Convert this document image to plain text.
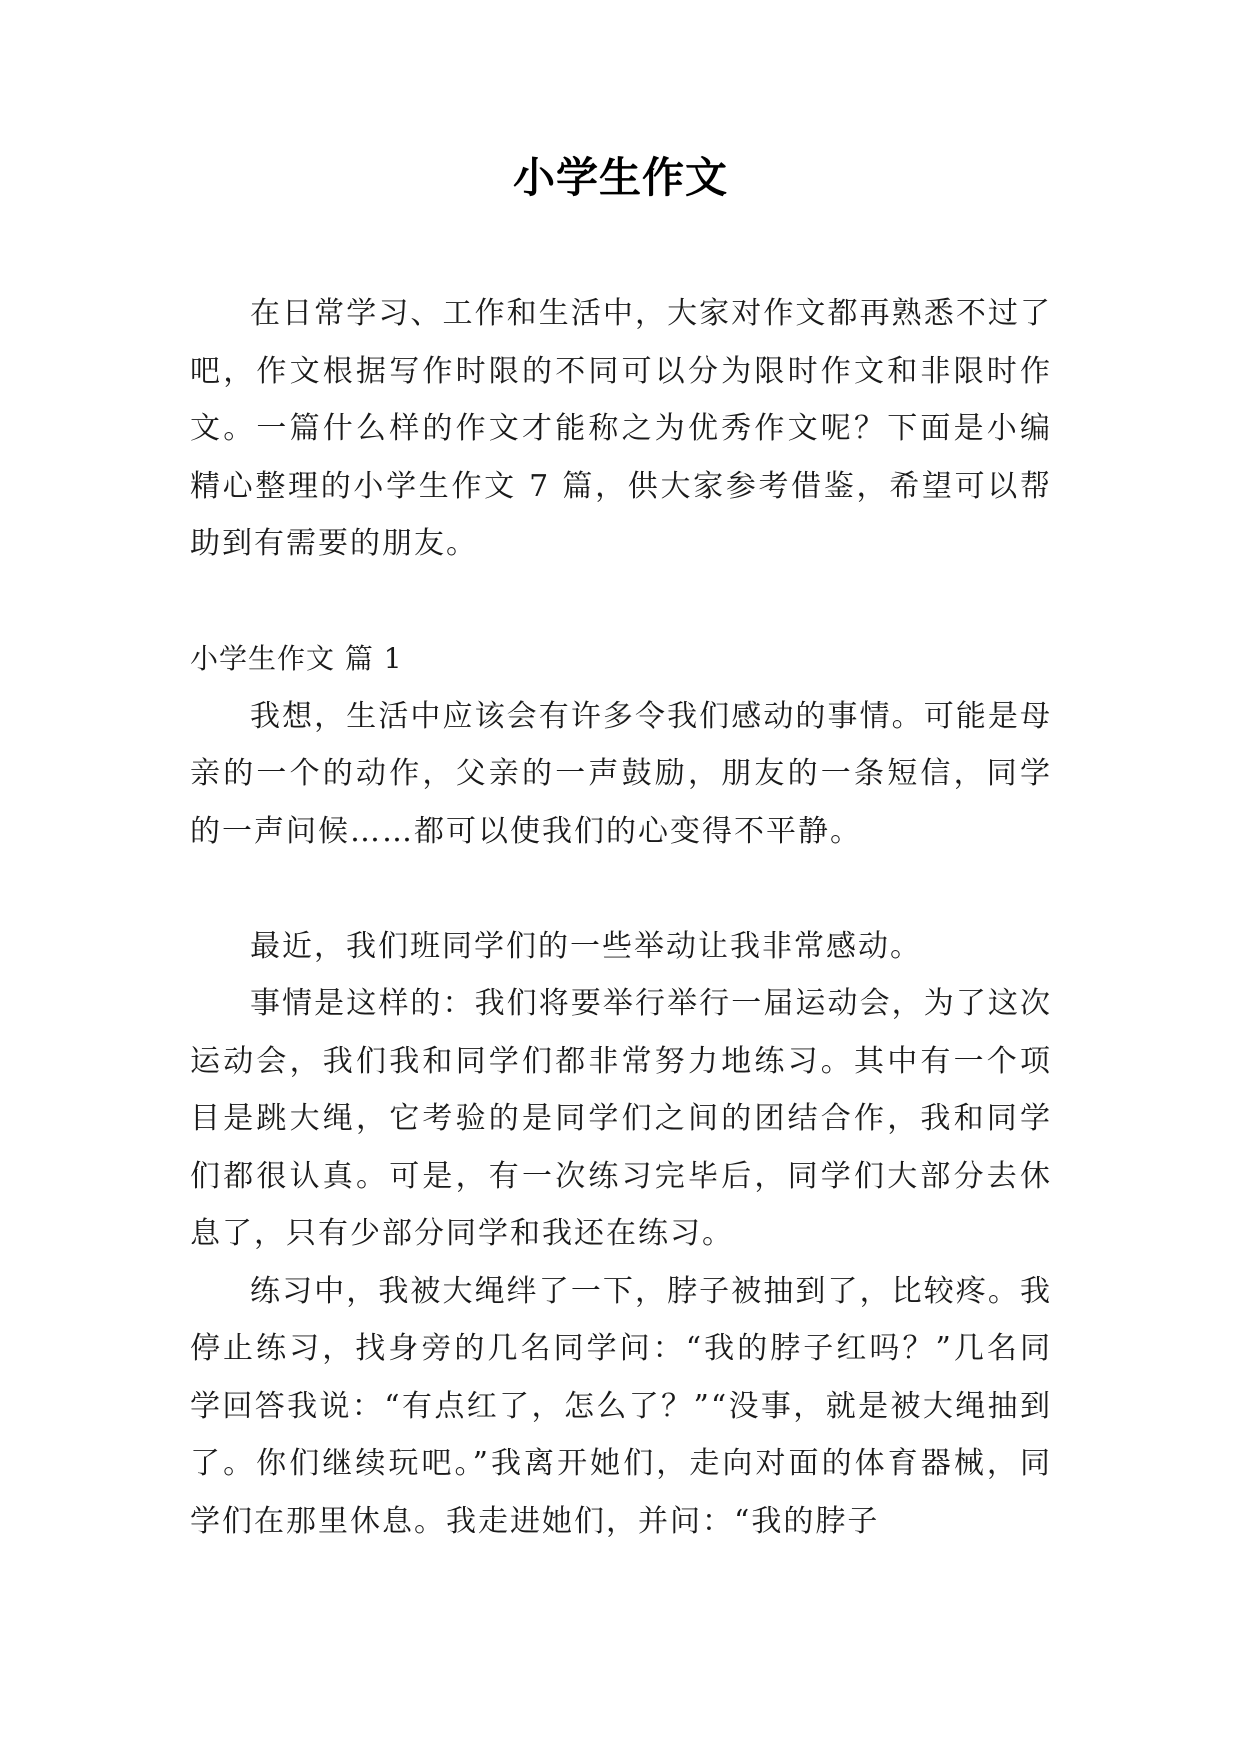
小学生作文

在日常学习、工作和生活中，大家对作文都再熟悉不过了吧，作文根据写作时限的不同可以分为限时作文和非限时作文。一篇什么样的作文才能称之为优秀作文呢？下面是小编精心整理的小学生作文 7 篇，供大家参考借鉴，希望可以帮助到有需要的朋友。

小学生作文 篇 1

我想，生活中应该会有许多令我们感动的事情。可能是母亲的一个的动作，父亲的一声鼓励，朋友的一条短信，同学的一声问候……都可以使我们的心变得不平静。

最近，我们班同学们的一些举动让我非常感动。

事情是这样的：我们将要举行举行一届运动会，为了这次运动会，我们我和同学们都非常努力地练习。其中有一个项目是跳大绳，它考验的是同学们之间的团结合作，我和同学们都很认真。可是，有一次练习完毕后，同学们大部分去休息了，只有少部分同学和我还在练习。

练习中，我被大绳绊了一下，脖子被抽到了，比较疼。我停止练习，找身旁的几名同学问：“我的脖子红吗？”几名同学回答我说：“有点红了，怎么了？”“没事，就是被大绳抽到了。你们继续玩吧。”我离开她们，走向对面的体育器械，同学们在那里休息。我走进她们，并问：“我的脖子
